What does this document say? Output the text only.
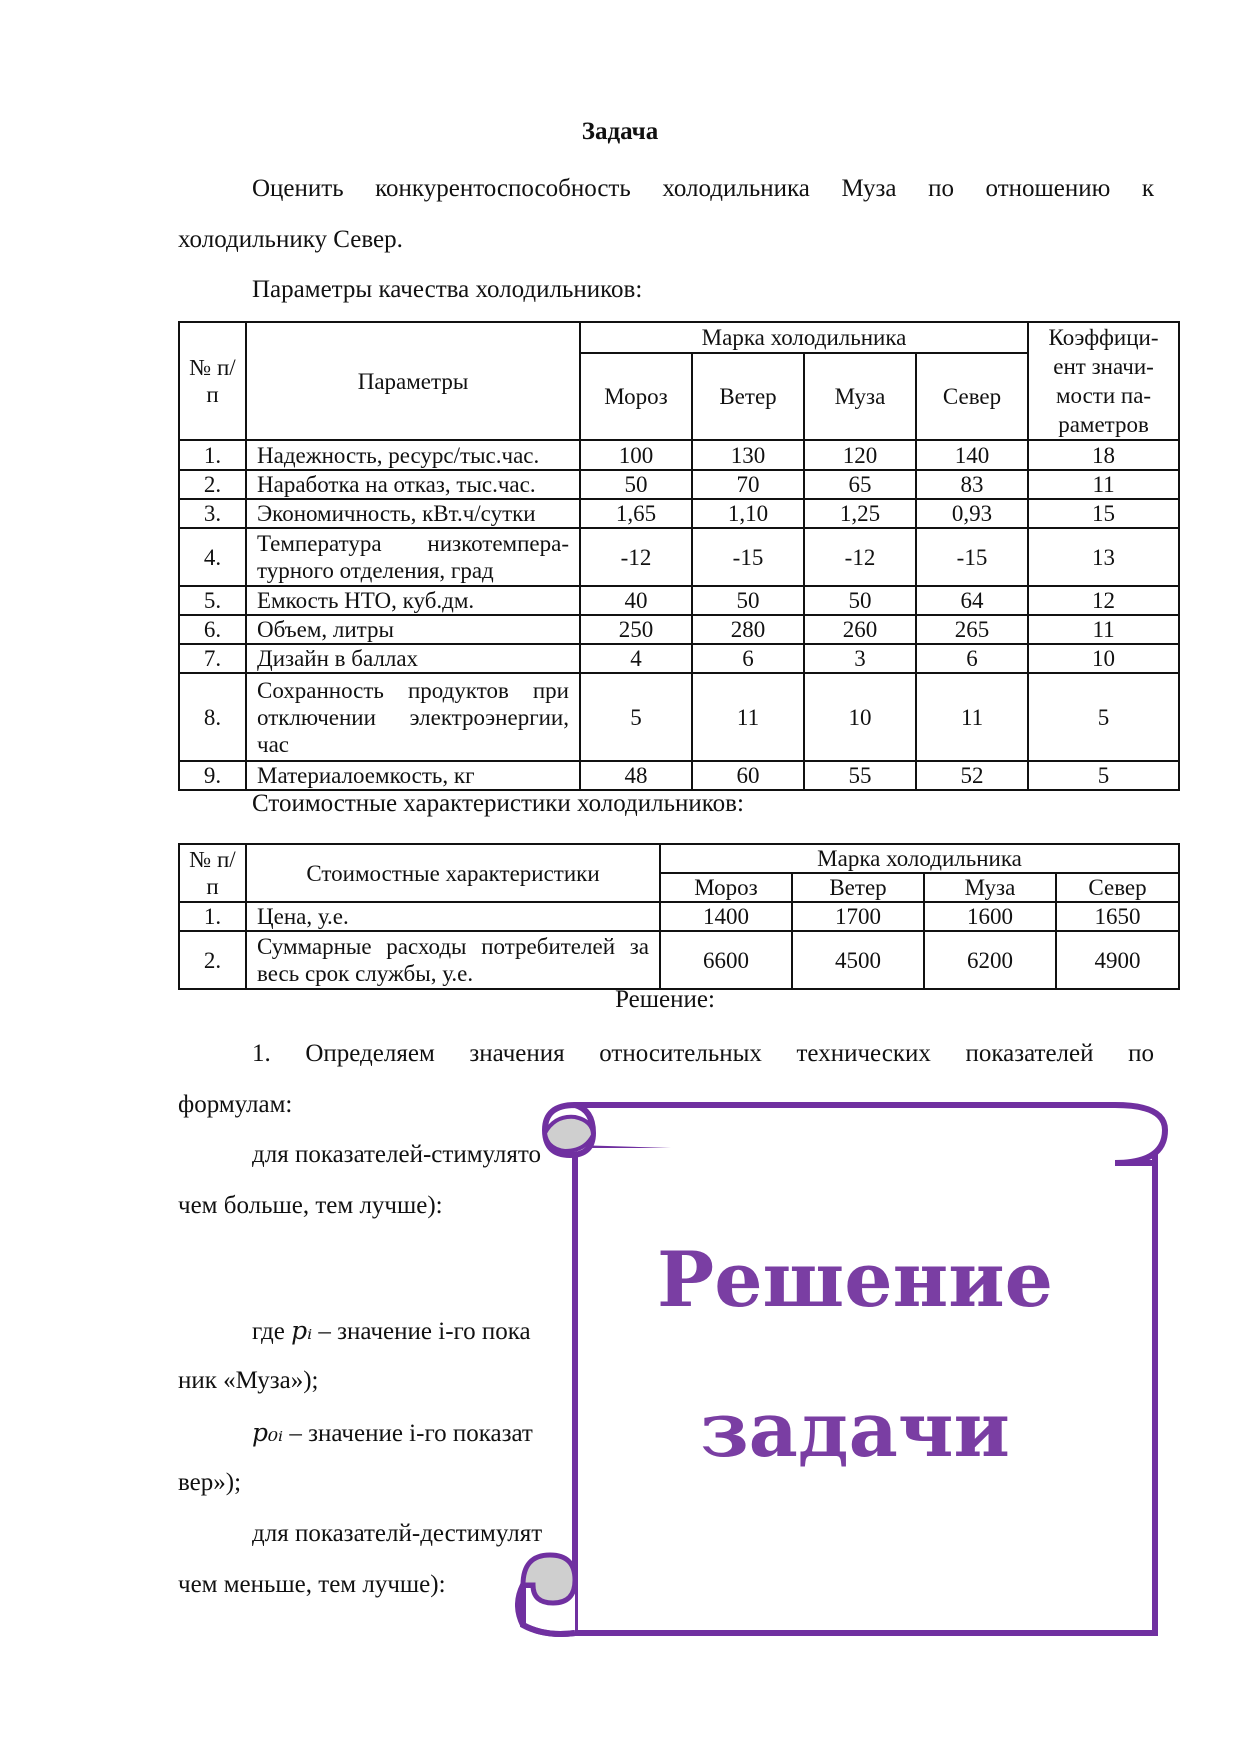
Задача
Оценить конкурентоспособность холодильника Муза по отношению к
холодильнику Север.
Параметры качества холодильников:
№ п/п	Параметры	Марка холодильника				Коэффици-ент значи-мости па-раметров
		Мороз	Ветер	Муза	Север	
1.	Надежность, ресурс/тыс.час.	100	130	120	140	18
2.	Наработка на отказ, тыс.час.	50	70	65	83	11
3.	Экономичность, кВт.ч/сутки	1,65	1,10	1,25	0,93	15
4.	Температура низкотемпера-турного отделения, град	-12	-15	-12	-15	13
5.	Емкость НТО, куб.дм.	40	50	50	64	12
6.	Объем, литры	250	280	260	265	11
7.	Дизайн в баллах	4	6	3	6	10
8.	Сохранность продуктов при отключении электроэнергии, час	5	11	10	11	5
9.	Материалоемкость, кг	48	60	55	52	5
Стоимостные характеристики холодильников:
№ п/п	Стоимостные характеристики	Марка холодильника			
		Мороз	Ветер	Муза	Север
1.	Цена, у.е.	1400	1700	1600	1650
2.	Суммарные расходы потребителей за весь срок службы, у.е.	6600	4500	6200	4900
Решение:
1. Определяем значения относительных технических показателей по
формулам:
для показателей-стимулято
чем больше, тем лучше):
где pᵢ – значение i-го пока
ник «Муза»);
p₀ᵢ – значение i-го показат
вер»);
для показателй-дестимулят
чем меньше, тем лучше):
Решение
задачи
